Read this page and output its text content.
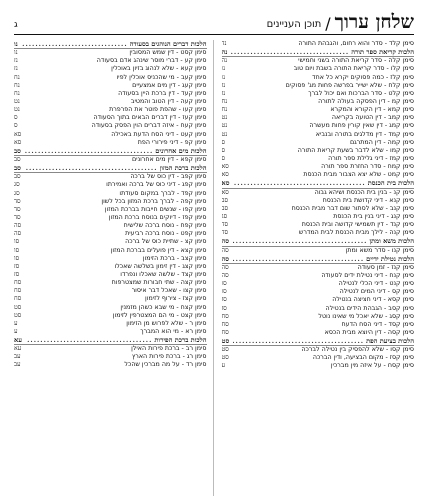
שלחן ערוך
/
תוכן העניינים
ג
סימן קלד - סדר והוא רחום, והגבהת התורה
נד
הלכות קריאת ספר תורה
.....
נה
סימן קלה - סדר קריאת התורה בשני וחמישי
נה
סימן קלו - סדר קריאת התורה בשבת ויום טוב
נו
סימן קלז - כמה פסוקים יקרא כל אחד
נו
סימן קלח - שלא ישייר בפרשה פחות מג' פסוקים
נז
סימן קלט - סדר הברכות ואם יכול לברך
נז
סימן קמ - דין הפסקה בעולה לתורה
נח
סימן קמא - דין הקורא והמקרא
נח
סימן קמב - דין הטועה בקריאה
נט
סימן קמג - דין שאין קורין פחות מעשרה
נט
סימן קמד - דין מדלגים בתורה ובנביא
נט
סימן קמה - דין המתרגם
ס
סימן קמו - שלא לדבר בשעת קריאת התורה
ס
סימן קמז - דיני גלילת ספר תורה
ס
סימן קמח - סדר החזרת ספר תורה
סא
סימן קמט - שלא יצא הצבור מבית הכנסת
סא
הלכות בית הכנסת
.....
סא
סימן קנ - בנין בית הכנסת ושיהא גבוה
סא
סימן קנא - דיני קדושת בית הכנסת
סב
סימן קנב - שלא לסתור שום דבר מבית הכנסת
סב
סימן קנג - דיני בנין בית הכנסת
סג
סימן קנד - דין תשמישי קדושה ובית הכנסת
סד
סימן קנה - לילך מבית הכנסת לבית המדרש
סד
הלכות משא ומתן
.....
סה
סימן קנו - סדר משא ומתן
סה
הלכות נטילת ידיים
.....
סה
סימן קנז - זמן סעודה
סה
סימן קנח - דיני נטילת ידים לסעודה
סה
סימן קנט - דיני הכלי לנטילה
סו
סימן קס - דיני המים לנטילה
סו
סימן קסא - דיני חציצה בנטילה
סז
סימן קסב - הגבהת הידים בנטילה
סז
סימן קסג - שלא יאכל מי שאינו נוטל
סח
סימן קסד - דיני הסח הדעת
סח
סימן קסה - דין היוצא מבית הכסא
סח
הלכות בציעת הפת
.....
סט
סימן קסו - שלא להפסיק בין נטילה לברכה
סט
סימן קסז - מקום הבציעה, ודין הברכה
סט
סימן קסח - על איזה מין מברכין
ע
הלכות דברים הנוהגים בסעודה
.....
נו
סימן קסט - דין שמש המסובין
נו
סימן קע - דברי מוסר שינהג אדם בסעודה
נז
סימן קעא - שלא לנהוג בזיון באוכלין
נז
סימן קעב - מי שהכניס אוכלין לפיו
נח
סימן קעג - דין מים אמצעיים
נח
סימן קעד - דין ברכת היין בסעודה
נח
סימן קעה - דין הטוב והמטיב
נט
סימן קעו - שהפת פוטר את הפרפרת
נט
סימן קעז - דין דברים הבאים בתוך הסעודה
ס
סימן קעח - איזה דברים הוין הפסק בסעודה
ס
סימן קעט - דיני הסח הדעת באכילה
סא
סימן קפ - דיני פירורי הפת
סא
הלכות מים אחרונים
.....
סב
סימן קפא - דין מים אחרונים
סב
הלכות ברכת המזון
.....
סב
סימן קפב - דין כוס של ברכה
סב
סימן קפג - דיני כוס של ברכה ואמירתו
סג
סימן קפד - לברך במקום סעודתו
סג
סימן קפה - לברך ברכת המזון בכל לשון
סד
סימן קפו - שנשים חייבות בברכת המזון
סד
סימן קפז - דיוקים בנוסח ברכת המזון
סד
סימן קפח - נוסח ברכה שלישית
סה
סימן קפט - נוסח ברכה רביעית
סה
סימן קצ - שתיית כוס של ברכה
סו
סימן קצא - דין פועלים בברכת המזון
סו
סימן קצב - ברכת הזימון
סו
סימן קצג - דין זימון בשלשה שאכלו
סז
סימן קצד - שלשה שאכלו ונפרדו
סז
סימן קצה - שתי חבורות שמצטרפות
סח
סימן קצו - שאכל דבר איסור
סח
סימן קצז - צירוף לזימון
סח
סימן קצח - מי שבא כשהן מזמנין
סט
סימן קצט - מי הם המצטרפין לזימון
סט
סימן ר - שלא לפרוש מן הזימון
ע
סימן רא - מי הוא המברך
ע
הלכות ברכת הפירות
.....
עא
סימן רב - ברכת פירות האילן
עא
סימן רג - ברכת פירות הארץ
עב
סימן רד - על מה מברכין שהכל
עב
